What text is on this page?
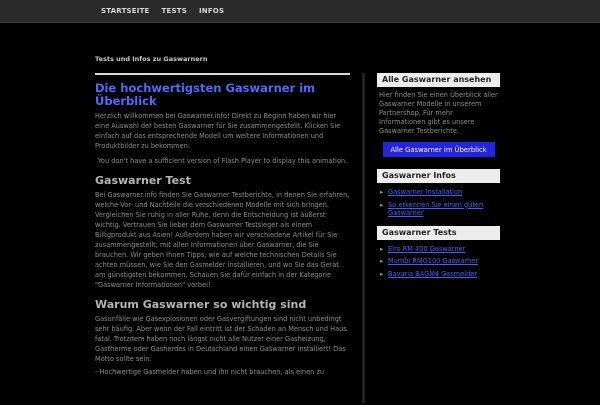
STARTSEITE	TESTS	INFOS
Tests und Infos zu Gaswarnern
Die hochwertigsten Gaswarner im Überblick

Herzlich willkommen bei Gaswarner.info! Direkt zu Beginn haben wir hier eine Auswahl der besten Gaswarner für Sie zusammengestellt. Klicken Sie einfach auf das entsprechende Modell um weitere Informationen und Produktbilder zu bekommen:

You don't have a sufficient version of Flash Player to display this animation.
Gaswarner Test

Bei Gaswarner.info finden Sie Gaswarner Testberichte, in denen Sie erfahren, welche Vor- und Nachteile die verschiedenen Modelle mit sich bringen. Vergleichen Sie ruhig in aller Ruhe, denn die Entscheidung ist äußerst wichtig. Vertrauen Sie lieber dem Gaswarner Testsieger als einem Billigprodukt aus Asien! Außerdem haben wir verschiedene Artikel für Sie zusammengestellt, mit allen Informationen über Gaswarner, die Sie brauchen. Wir geben Ihnen Tipps, wie auf welche technischen Details Sie achten müssen, wie Sie den Gasmelder installieren, und wo Sie das Gerät am günstigsten bekommen. Schauen Sie dafür einfach in der Kategorie "Gaswarner Informationen" vorbei!

Warum Gaswarner so wichtig sind

Gasunfälle wie Gasexplosionen oder Gasvergiftungen sind nicht unbedingt sehr häufig. Aber wenn der Fall eintritt ist der Schaden an Mensch und Haus fatal. Trotzdem haben noch längst nicht alle Nutzer einer Gasheizung, Gastherme oder Gasherdes in Deutschland einen Gaswarner installiert! Das Motto sollte sein:

- Hochwertige Gasmelder haben und ihn nicht brauchen, als einen zu

Alle Gaswarner ansehen
Hier finden Sie einen Überblick aller Gaswarner Modelle in unserem Partnershop. Für mehr Informationen gibt es unsere Gaswarner Testberichte.
Alle Gaswarner im Überblick
Gaswarner Infos
▸ Gaswarner Installation
▸ So erkennen Sie einen guten Gaswarner
Gaswarner Tests
▸ Elro RM 400 Gaswarner
▸ Mumbi RMG100 Gaswarner
▸ Bavaria BAGM4 Gasmelder
